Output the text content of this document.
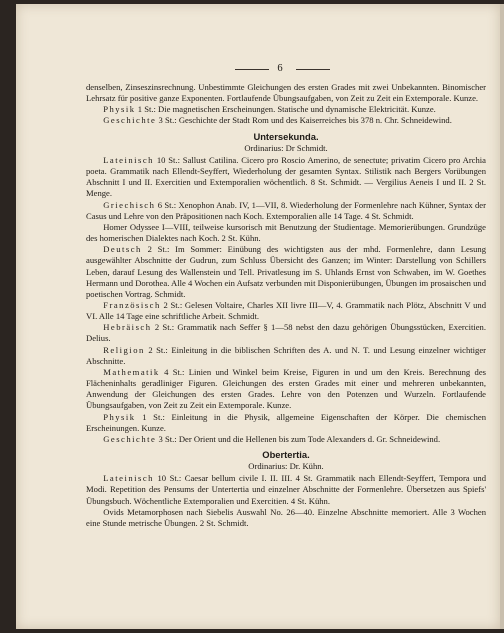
6

denselben, Zinseszinsrechnung. Unbestimmte Gleichungen des ersten Grades mit zwei Unbekannten. Binomischer Lehrsatz für positive ganze Exponenten. Fortlaufende Übungsaufgaben, von Zeit zu Zeit ein Extemporale. Kunze.

Physik 1 St.: Die magnetischen Erscheinungen. Statische und dynamische Elektricität. Kunze.

Geschichte 3 St.: Geschichte der Stadt Rom und des Kaiserreiches bis 378 n. Chr. Schneidewind.

Untersekunda.
Ordinarius: Dr Schmidt.

Lateinisch 10 St.: Sallust Catilina. Cicero pro Roscio Amerino, de senectute; privatim Cicero pro Archia poeta. Grammatik nach Ellendt-Seyffert, Wiederholung der gesamten Syntax. Stilistik nach Bergers Vorübungen Abschnitt I und II. Exercitien und Extemporalien wöchentlich. 8 St. Schmidt. — Vergilius Aeneis I und II. 2 St. Menge.

Griechisch 6 St.: Xenophon Anab. IV, 1—VII, 8. Wiederholung der Formenlehre nach Kühner, Syntax der Casus und Lehre von den Präpositionen nach Koch. Extemporalien alle 14 Tage. 4 St. Schmidt.

Homer Odyssee I—VIII, teilweise kursorisch mit Benutzung der Studientage. Memorierübungen. Grundzüge des homerischen Dialektes nach Koch. 2 St. Kühn.

Deutsch 2 St.: Im Sommer: Einübung des wichtigsten aus der mhd. Formenlehre, dann Lesung ausgewählter Abschnitte der Gudrun, zum Schluss Übersicht des Ganzen; im Winter: Darstellung von Schillers Leben, darauf Lesung des Wallenstein und Tell. Privatlesung im S. Uhlands Ernst von Schwaben, im W. Goethes Hermann und Dorothea. Alle 4 Wochen ein Aufsatz verbunden mit Disponierübungen, Übungen im prosaischen und poetischen Vortrag. Schmidt.

Französisch 2 St.: Gelesen Voltaire, Charles XII livre III—V, 4. Grammatik nach Plötz, Abschnitt V und VI. Alle 14 Tage eine schriftliche Arbeit. Schmidt.

Hebräisch 2 St.: Grammatik nach Seffer § 1—58 nebst den dazu gehörigen Übungsstücken, Exercitien. Delius.

Religion 2 St.: Einleitung in die biblischen Schriften des A. und N. T. und Lesung einzelner wichtiger Abschnitte.

Mathematik 4 St.: Linien und Winkel beim Kreise, Figuren in und um den Kreis. Berechnung des Flächeninhalts geradliniger Figuren. Gleichungen des ersten Grades mit einer und mehreren unbekannten, Anwendung der Gleichungen des ersten Grades. Lehre von den Potenzen und Wurzeln. Fortlaufende Übungsaufgaben, von Zeit zu Zeit ein Extemporale. Kunze.

Physik 1 St.: Einleitung in die Physik, allgemeine Eigenschaften der Körper. Die chemischen Erscheinungen. Kunze.

Geschichte 3 St.: Der Orient und die Hellenen bis zum Tode Alexanders d. Gr. Schneidewind.

Obertertia.
Ordinarius: Dr. Kühn.

Lateinisch 10 St.: Caesar bellum civile I. II. III. 4 St. Grammatik nach Ellendt-Seyffert, Tempora und Modi. Repetition des Pensums der Untertertia und einzelner Abschnitte der Formenlehre. Übersetzen aus Spiefs' Übungsbuch. Wöchentliche Extemporalien und Exercitien. 4 St. Kühn.

Ovids Metamorphosen nach Siebelis Auswahl No. 26—40. Einzelne Abschnitte memoriert. Alle 3 Wochen eine Stunde metrische Übungen. 2 St. Schmidt.
